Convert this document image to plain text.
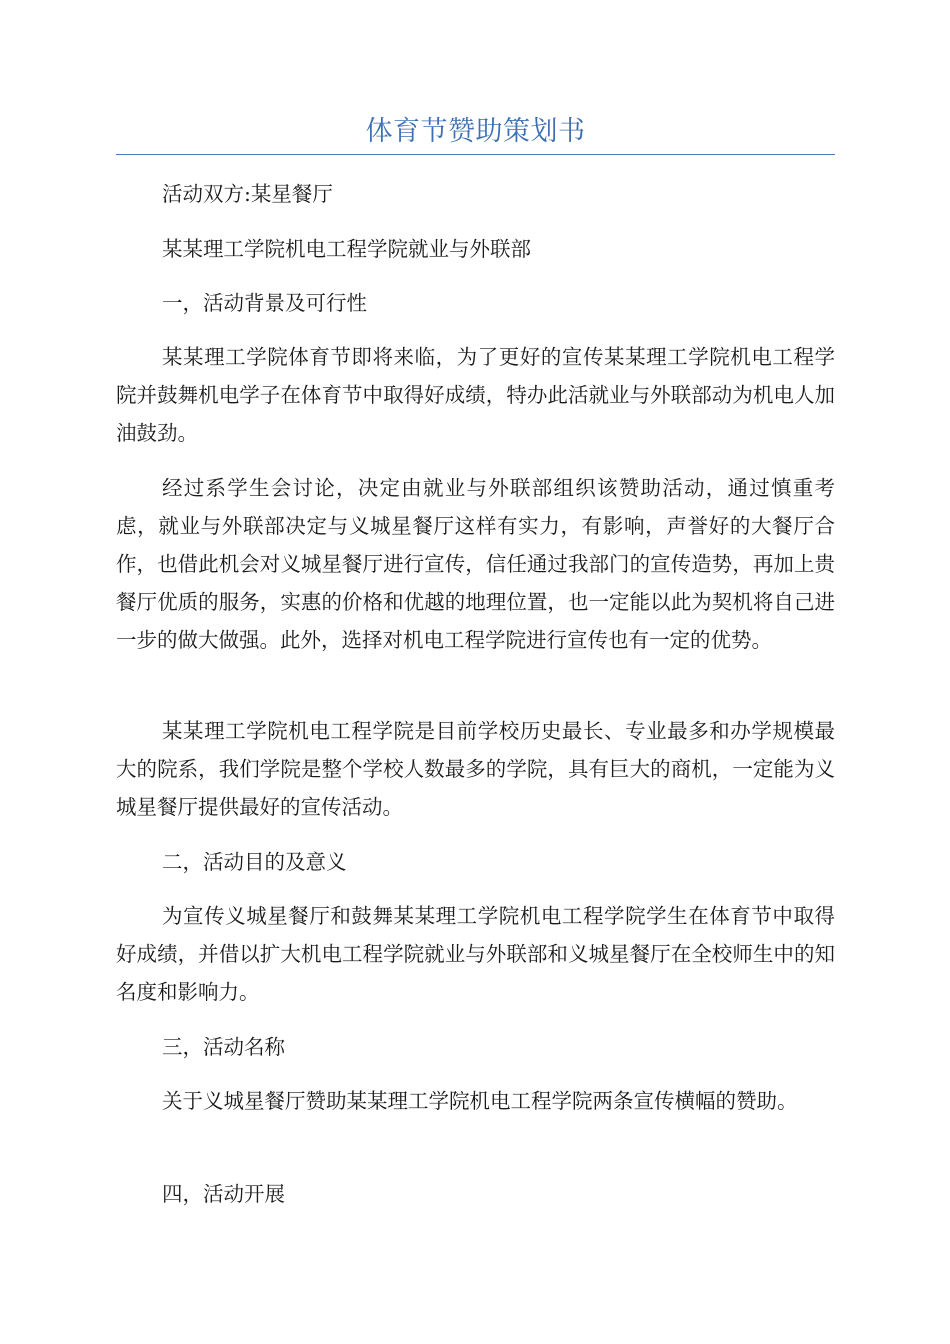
体育节赞助策划书

活动双方:某星餐厅

某某理工学院机电工程学院就业与外联部

一，活动背景及可行性

某某理工学院体育节即将来临，为了更好的宣传某某理工学院机电工程学院并鼓舞机电学子在体育节中取得好成绩，特办此活就业与外联部动为机电人加油鼓劲。

经过系学生会讨论，决定由就业与外联部组织该赞助活动，通过慎重考虑，就业与外联部决定与义城星餐厅这样有实力，有影响，声誉好的大餐厅合作，也借此机会对义城星餐厅进行宣传，信任通过我部门的宣传造势，再加上贵餐厅优质的服务，实惠的价格和优越的地理位置，也一定能以此为契机将自己进一步的做大做强。此外，选择对机电工程学院进行宣传也有一定的优势。

某某理工学院机电工程学院是目前学校历史最长、专业最多和办学规模最大的院系，我们学院是整个学校人数最多的学院，具有巨大的商机，一定能为义城星餐厅提供最好的宣传活动。

二，活动目的及意义

为宣传义城星餐厅和鼓舞某某理工学院机电工程学院学生在体育节中取得好成绩，并借以扩大机电工程学院就业与外联部和义城星餐厅在全校师生中的知名度和影响力。

三，活动名称

关于义城星餐厅赞助某某理工学院机电工程学院两条宣传横幅的赞助。

四，活动开展
